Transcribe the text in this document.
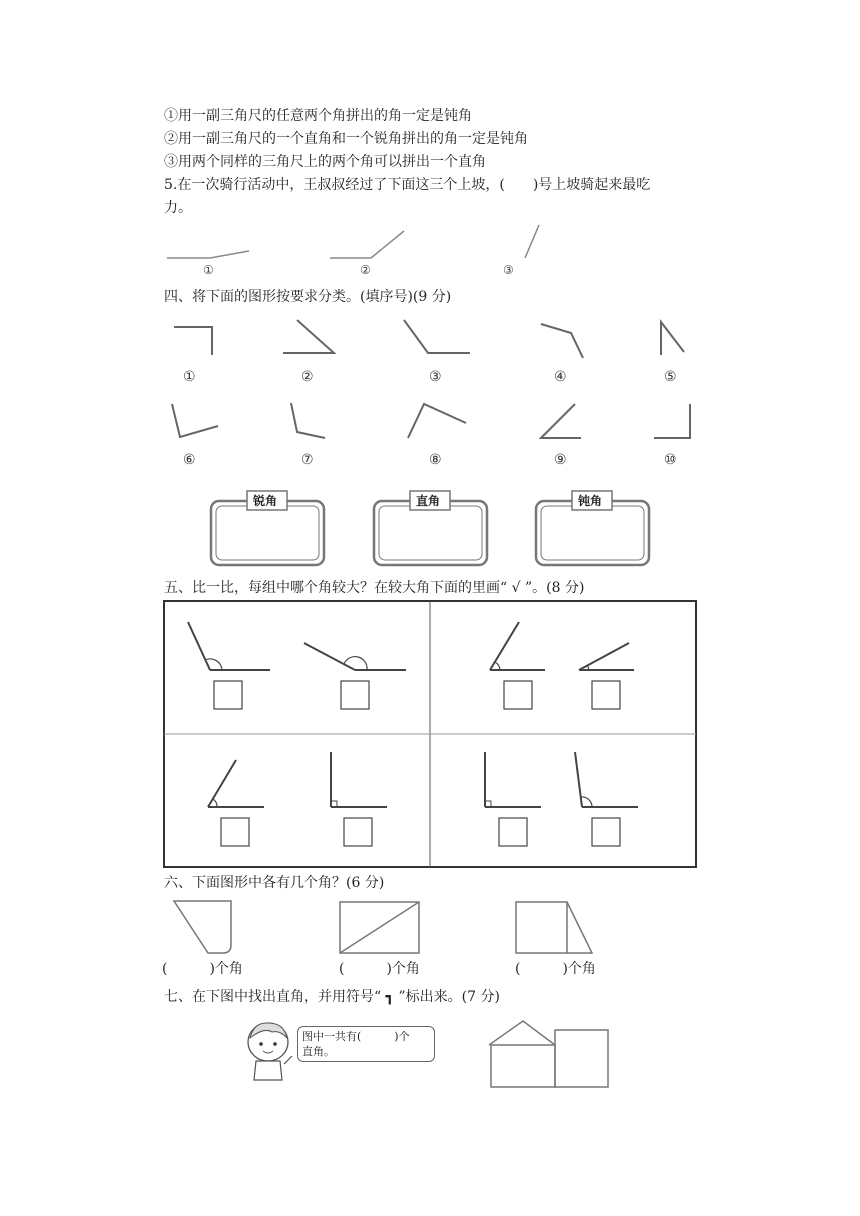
①用一副三角尺的任意两个角拼出的角一定是钝角
②用一副三角尺的一个直角和一个锐角拼出的角一定是钝角
③用两个同样的三角尺上的两个角可以拼出一个直角
5.在一次骑行活动中，王叔叔经过了下面这三个上坡，(　　)号上坡骑起来最吃
力。
①	②	③
四、将下面的图形按要求分类。(填序号)(9 分)
①	②	③	④	⑤
⑥	⑦	⑧	⑨	⑩
锐角	直角	钝角
五、比一比，每组中哪个角较大？在较大角下面的里画“ √ ”。(8 分)
六、下面图形中各有几个角？(6 分)
(　　　)个角	(　　　)个角	(　　　)个角
七、在下图中找出直角，并用符号“ ┓ ”标出来。(7 分)
图中一共有(　　　)个
直角。
